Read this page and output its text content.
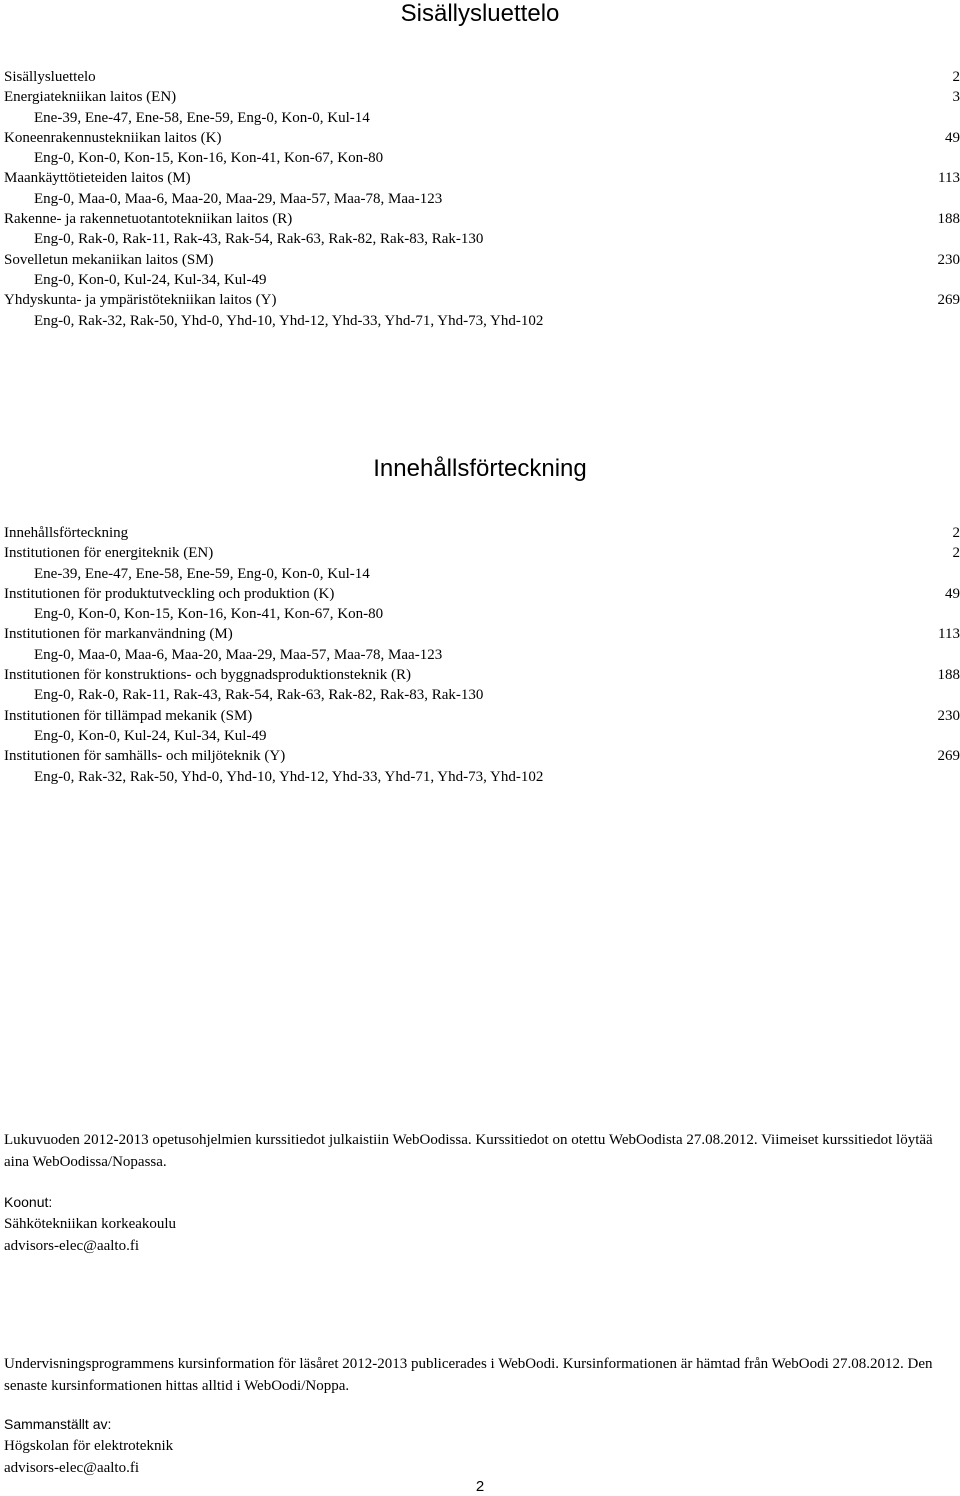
Sisällysluettelo
Sisällysluettelo	2
Energiatekniikan laitos (EN)	3
Ene-39, Ene-47, Ene-58, Ene-59, Eng-0, Kon-0, Kul-14
Koneenrakennustekniikan laitos (K)	49
Eng-0, Kon-0, Kon-15, Kon-16, Kon-41, Kon-67, Kon-80
Maankäyttötieteiden laitos (M)	113
Eng-0, Maa-0, Maa-6, Maa-20, Maa-29, Maa-57, Maa-78, Maa-123
Rakenne- ja rakennetuotantotekniikan laitos (R)	188
Eng-0, Rak-0, Rak-11, Rak-43, Rak-54, Rak-63, Rak-82, Rak-83, Rak-130
Sovelletun mekaniikan laitos (SM)	230
Eng-0, Kon-0, Kul-24, Kul-34, Kul-49
Yhdyskunta- ja ympäristötekniikan laitos (Y)	269
Eng-0, Rak-32, Rak-50, Yhd-0, Yhd-10, Yhd-12, Yhd-33, Yhd-71, Yhd-73, Yhd-102
Innehållsförteckning
Innehållsförteckning	2
Institutionen för energiteknik (EN)	2
Ene-39, Ene-47, Ene-58, Ene-59, Eng-0, Kon-0, Kul-14
Institutionen för produktutveckling och produktion (K)	49
Eng-0, Kon-0, Kon-15, Kon-16, Kon-41, Kon-67, Kon-80
Institutionen för markanvändning (M)	113
Eng-0, Maa-0, Maa-6, Maa-20, Maa-29, Maa-57, Maa-78, Maa-123
Institutionen för konstruktions- och byggnadsproduktionsteknik (R)	188
Eng-0, Rak-0, Rak-11, Rak-43, Rak-54, Rak-63, Rak-82, Rak-83, Rak-130
Institutionen för tillämpad mekanik (SM)	230
Eng-0, Kon-0, Kul-24, Kul-34, Kul-49
Institutionen för samhälls- och miljöteknik (Y)	269
Eng-0, Rak-32, Rak-50, Yhd-0, Yhd-10, Yhd-12, Yhd-33, Yhd-71, Yhd-73, Yhd-102

Lukuvuoden 2012-2013 opetusohjelmien kurssitiedot julkaistiin WebOodissa. Kurssitiedot on otettu WebOodista 27.08.2012. Viimeiset kurssitiedot löytää aina WebOodissa/Nopassa.

Koonut:
Sähkötekniikan korkeakoulu
advisors-elec@aalto.fi

Undervisningsprogrammens kursinformation för läsåret 2012-2013 publicerades i WebOodi. Kursinformationen är hämtad från WebOodi 27.08.2012. Den senaste kursinformationen hittas alltid i WebOodi/Noppa.

Sammanställt av:
Högskolan för elektroteknik
advisors-elec@aalto.fi
2
